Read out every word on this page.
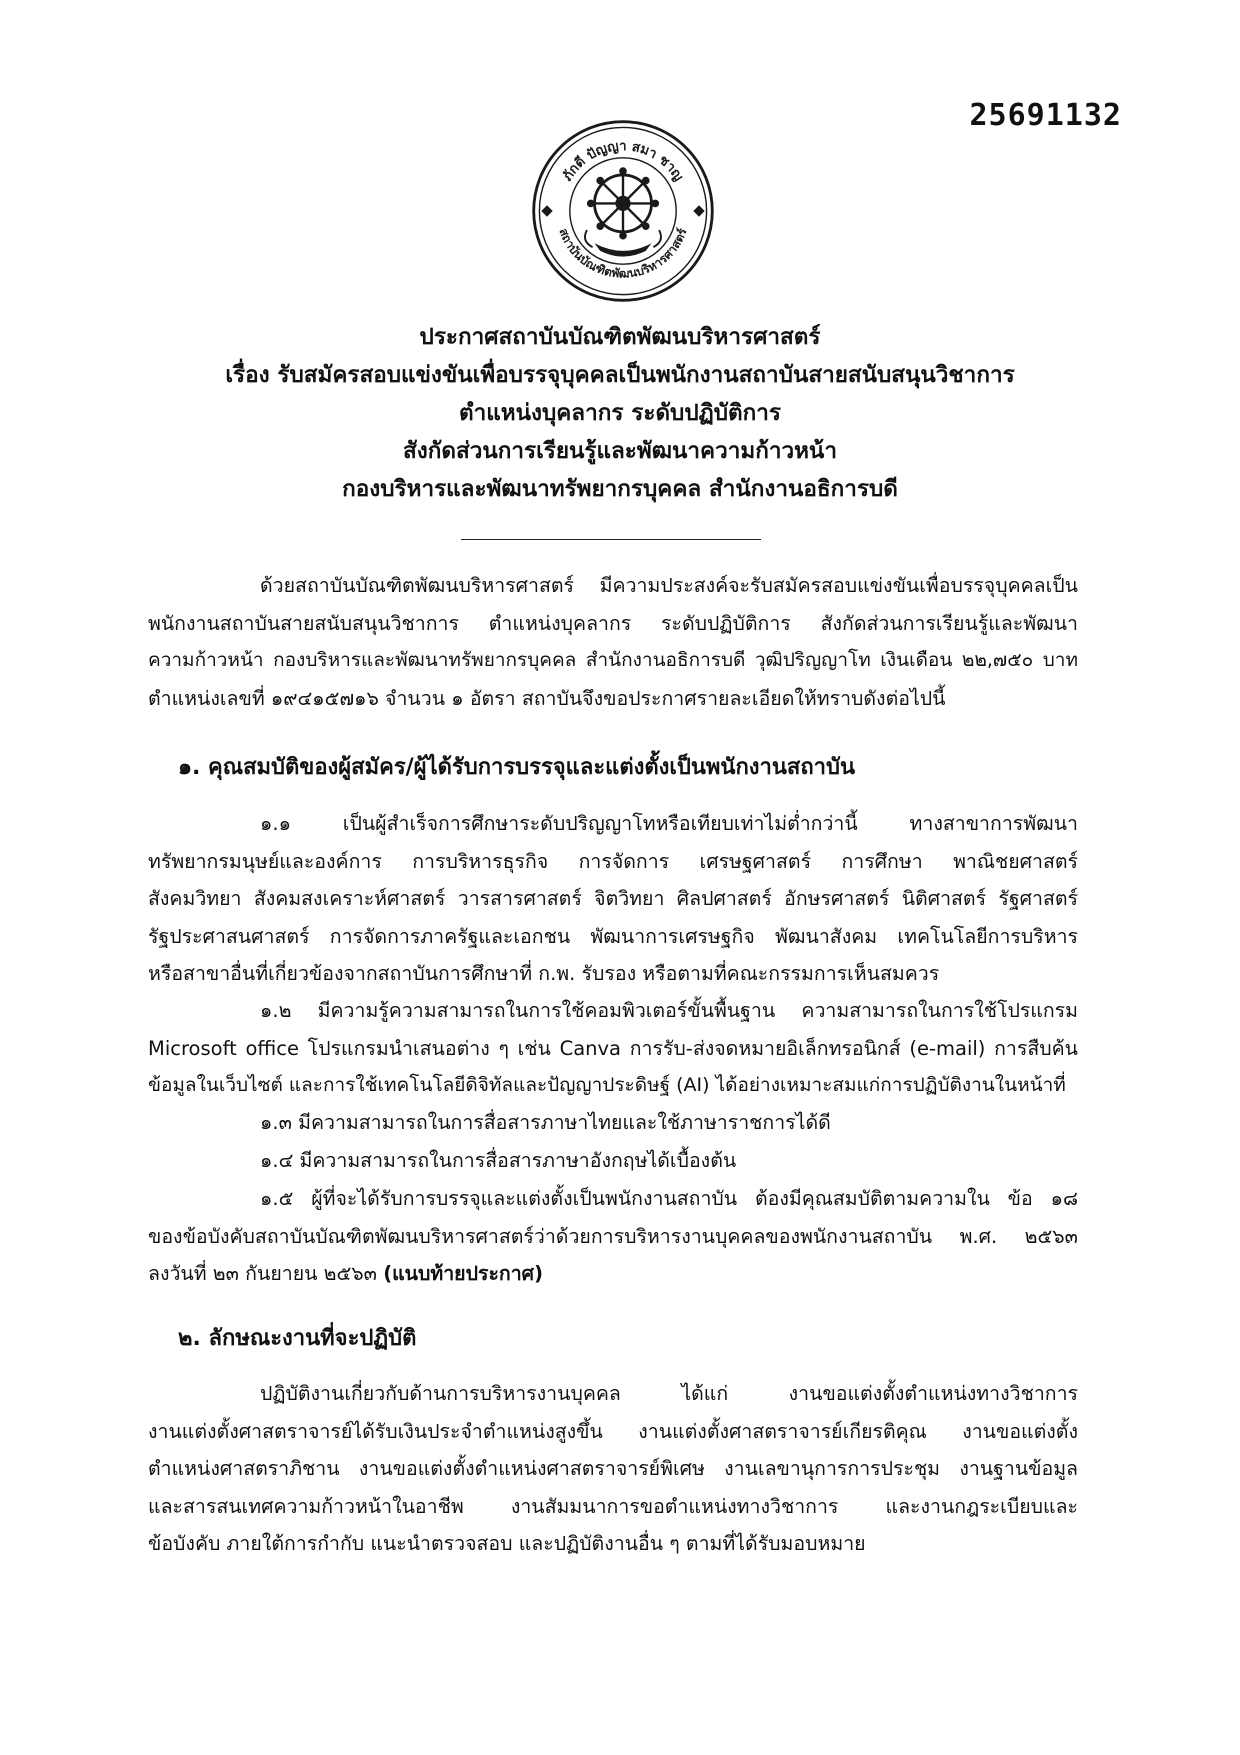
25691132
ภักดี ปัญญา สมา ชาญ
สถาบันบัณฑิตพัฒนบริหารศาสตร์
ประกาศสถาบันบัณฑิตพัฒนบริหารศาสตร์
เรื่อง รับสมัครสอบแข่งขันเพื่อบรรจุบุคคลเป็นพนักงานสถาบันสายสนับสนุนวิชาการ
ตำแหน่งบุคลากร ระดับปฏิบัติการ
สังกัดส่วนการเรียนรู้และพัฒนาความก้าวหน้า
กองบริหารและพัฒนาทรัพยากรบุคคล สำนักงานอธิการบดี
ด้วยสถาบันบัณฑิตพัฒนบริหารศาสตร์ มีความประสงค์จะรับสมัครสอบแข่งขันเพื่อบรรจุบุคคลเป็น
พนักงานสถาบันสายสนับสนุนวิชาการ ตำแหน่งบุคลากร ระดับปฏิบัติการ สังกัดส่วนการเรียนรู้และพัฒนา
ความก้าวหน้า กองบริหารและพัฒนาทรัพยากรบุคคล สำนักงานอธิการบดี วุฒิปริญญาโท เงินเดือน ๒๒,๗๕๐ บาท
ตำแหน่งเลขที่ ๑๙๔๑๕๗๑๖ จำนวน ๑ อัตรา สถาบันจึงขอประกาศรายละเอียดให้ทราบดังต่อไปนี้
๑. คุณสมบัติของผู้สมัคร/ผู้ได้รับการบรรจุและแต่งตั้งเป็นพนักงานสถาบัน
๑.๑ เป็นผู้สำเร็จการศึกษาระดับปริญญาโทหรือเทียบเท่าไม่ต่ำกว่านี้ ทางสาขาการพัฒนา
ทรัพยากรมนุษย์และองค์การ การบริหารธุรกิจ การจัดการ เศรษฐศาสตร์ การศึกษา พาณิชยศาสตร์
สังคมวิทยา สังคมสงเคราะห์ศาสตร์ วารสารศาสตร์ จิตวิทยา ศิลปศาสตร์ อักษรศาสตร์ นิติศาสตร์ รัฐศาสตร์
รัฐประศาสนศาสตร์ การจัดการภาครัฐและเอกชน พัฒนาการเศรษฐกิจ พัฒนาสังคม เทคโนโลยีการบริหาร
หรือสาขาอื่นที่เกี่ยวข้องจากสถาบันการศึกษาที่ ก.พ. รับรอง หรือตามที่คณะกรรมการเห็นสมควร
๑.๒ มีความรู้ความสามารถในการใช้คอมพิวเตอร์ขั้นพื้นฐาน ความสามารถในการใช้โปรแกรม
Microsoft office โปรแกรมนำเสนอต่าง ๆ เช่น Canva การรับ-ส่งจดหมายอิเล็กทรอนิกส์ (e-mail) การสืบค้น
ข้อมูลในเว็บไซต์ และการใช้เทคโนโลยีดิจิทัลและปัญญาประดิษฐ์ (AI) ได้อย่างเหมาะสมแก่การปฏิบัติงานในหน้าที่
๑.๓ มีความสามารถในการสื่อสารภาษาไทยและใช้ภาษาราชการได้ดี
๑.๔ มีความสามารถในการสื่อสารภาษาอังกฤษได้เบื้องต้น
๑.๕ ผู้ที่จะได้รับการบรรจุและแต่งตั้งเป็นพนักงานสถาบัน ต้องมีคุณสมบัติตามความใน ข้อ ๑๘
ของข้อบังคับสถาบันบัณฑิตพัฒนบริหารศาสตร์ว่าด้วยการบริหารงานบุคคลของพนักงานสถาบัน พ.ศ. ๒๕๖๓
ลงวันที่ ๒๓ กันยายน ๒๕๖๓ (แนบท้ายประกาศ)
๒. ลักษณะงานที่จะปฏิบัติ
ปฏิบัติงานเกี่ยวกับด้านการบริหารงานบุคคล ได้แก่ งานขอแต่งตั้งตำแหน่งทางวิชาการ
งานแต่งตั้งศาสตราจารย์ได้รับเงินประจำตำแหน่งสูงขึ้น งานแต่งตั้งศาสตราจารย์เกียรติคุณ งานขอแต่งตั้ง
ตำแหน่งศาสตราภิชาน งานขอแต่งตั้งตำแหน่งศาสตราจารย์พิเศษ งานเลขานุการการประชุม งานฐานข้อมูล
และสารสนเทศความก้าวหน้าในอาชีพ งานสัมมนาการขอตำแหน่งทางวิชาการ และงานกฎระเบียบและ
ข้อบังคับ ภายใต้การกำกับ แนะนำตรวจสอบ และปฏิบัติงานอื่น ๆ ตามที่ได้รับมอบหมาย
